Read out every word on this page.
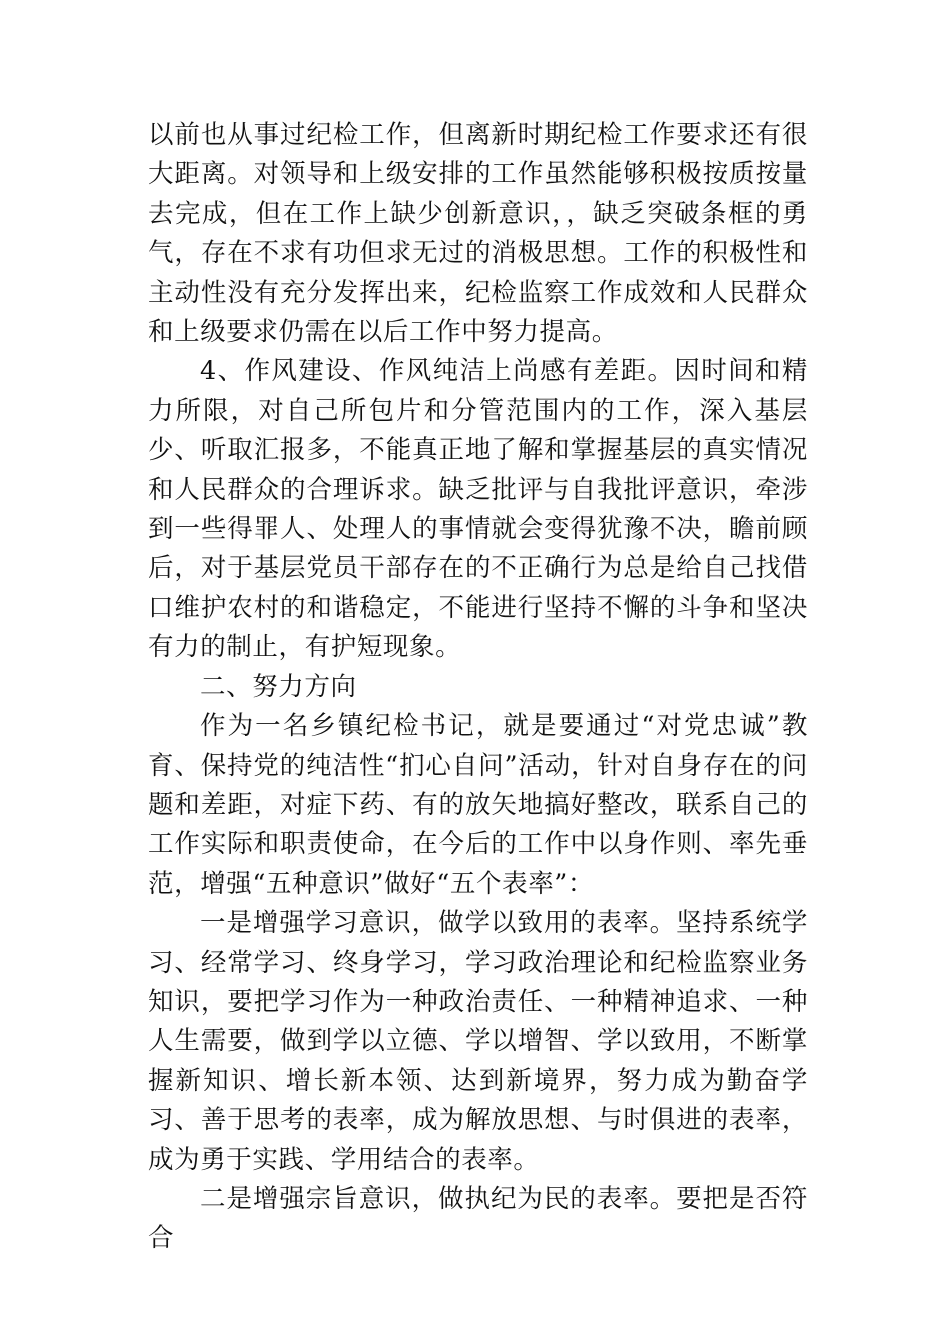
以前也从事过纪检工作，但离新时期纪检工作要求还有很大距离。对领导和上级安排的工作虽然能够积极按质按量去完成，但在工作上缺少创新意识，，缺乏突破条框的勇气，存在不求有功但求无过的消极思想。工作的积极性和主动性没有充分发挥出来，纪检监察工作成效和人民群众和上级要求仍需在以后工作中努力提高。

4、作风建设、作风纯洁上尚感有差距。因时间和精力所限，对自己所包片和分管范围内的工作，深入基层少、听取汇报多，不能真正地了解和掌握基层的真实情况和人民群众的合理诉求。缺乏批评与自我批评意识，牵涉到一些得罪人、处理人的事情就会变得犹豫不决，瞻前顾后，对于基层党员干部存在的不正确行为总是给自己找借口维护农村的和谐稳定，不能进行坚持不懈的斗争和坚决有力的制止，有护短现象。

二、努力方向

作为一名乡镇纪检书记，就是要通过“对党忠诚”教育、保持党的纯洁性“扪心自问”活动，针对自身存在的问题和差距，对症下药、有的放矢地搞好整改，联系自己的工作实际和职责使命，在今后的工作中以身作则、率先垂范，增强“五种意识”做好“五个表率”：

一是增强学习意识，做学以致用的表率。坚持系统学习、经常学习、终身学习，学习政治理论和纪检监察业务知识，要把学习作为一种政治责任、一种精神追求、一种人生需要，做到学以立德、学以增智、学以致用，不断掌握新知识、增长新本领、达到新境界，努力成为勤奋学习、善于思考的表率，成为解放思想、与时俱进的表率，成为勇于实践、学用结合的表率。

二是增强宗旨意识，做执纪为民的表率。要把是否符合
